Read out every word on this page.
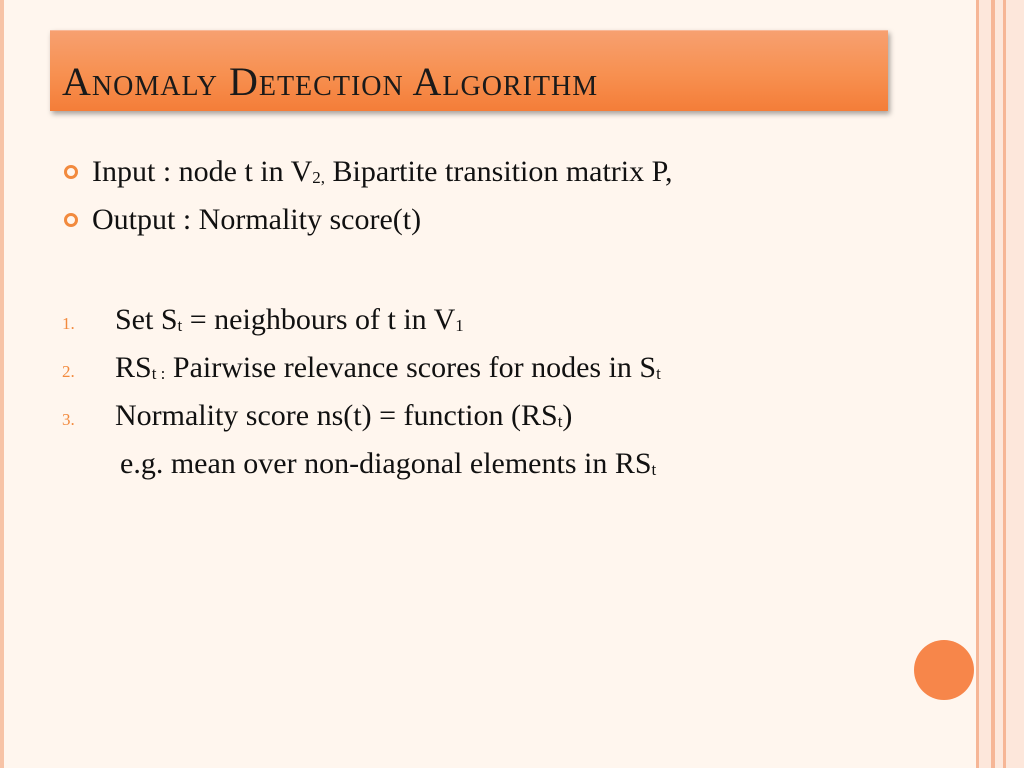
Anomaly Detection Algorithm
Input : node t in V2, Bipartite transition matrix P,
Output : Normality score(t)
1. Set St = neighbours of t in V1
2. RSt : Pairwise relevance scores for nodes in St
3. Normality score ns(t) = function (RSt)
e.g. mean over non-diagonal elements in RSt
